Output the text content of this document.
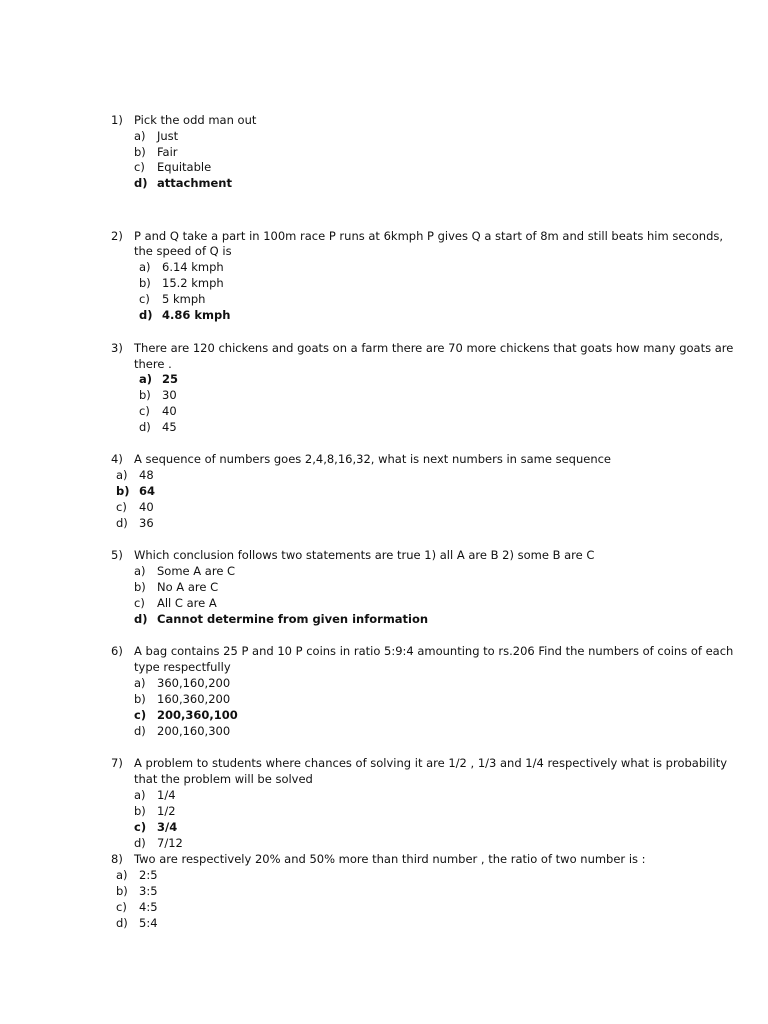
1) Pick the odd man out
a) Just
b) Fair
c) Equitable
d) attachment
2) P and Q take a part in 100m race P runs at 6kmph P gives Q a start of 8m and still beats him seconds,
the speed of Q is
a) 6.14 kmph
b) 15.2 kmph
c) 5 kmph
d) 4.86 kmph
3) There are 120 chickens and goats on a farm there are 70 more chickens that goats how many goats are
there .
a) 25
b) 30
c) 40
d) 45
4) A sequence of numbers goes 2,4,8,16,32, what is next numbers in same sequence
a) 48
b) 64
c) 40
d) 36
5) Which conclusion follows two statements are true 1) all A are B 2) some B are C
a) Some A are C
b) No A are C
c) All C are A
d) Cannot determine from given information
6) A bag contains 25 P and 10 P coins in ratio 5:9:4 amounting to rs.206 Find the numbers of coins of each
type respectfully
a) 360,160,200
b) 160,360,200
c) 200,360,100
d) 200,160,300
7) A problem to students where chances of solving it are 1/2 , 1/3 and 1/4 respectively what is probability
that the problem will be solved
a) 1/4
b) 1/2
c) 3/4
d) 7/12
8) Two are respectively 20% and 50% more than third number , the ratio of two number is :
a) 2:5
b) 3:5
c) 4:5
d) 5:4
